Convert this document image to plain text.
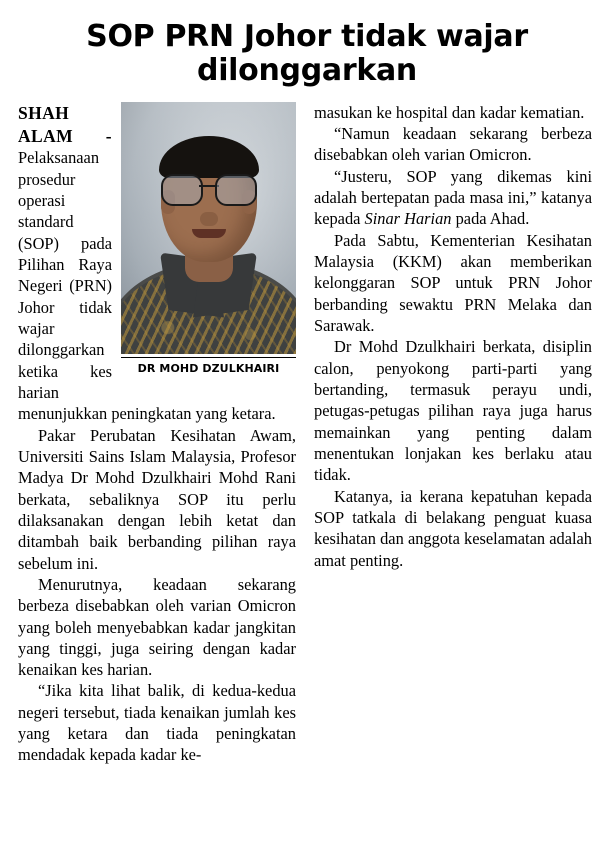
SOP PRN Johor tidak wajar dilonggarkan
DR MOHD DZULKHAIRI

SHAH ALAM - Pelaksanaan prosedur operasi standard (SOP) pada Pilihan Raya Negeri (PRN) Johor tidak wajar dilonggarkan ketika kes harian menunjukkan peningkatan yang ketara.

Pakar Perubatan Kesihatan Awam, Universiti Sains Islam Malaysia, Profesor Madya Dr Mohd Dzulkhairi Mohd Rani berkata, sebaliknya SOP itu perlu dilaksanakan dengan lebih ketat dan ditambah baik berbanding pilihan raya sebelum ini.

Menurutnya, keadaan sekarang berbeza disebabkan oleh varian Omicron yang boleh menyebabkan kadar jangkitan yang tinggi, juga seiring dengan kadar kenaikan kes harian.

“Jika kita lihat balik, di kedua-kedua negeri tersebut, tiada kenaikan jumlah kes yang ketara dan tiada peningkatan mendadak kepada kadar ke-

masukan ke hospital dan kadar kematian.

“Namun keadaan sekarang berbeza disebabkan oleh varian Omicron.

“Justeru, SOP yang dikemas kini adalah bertepatan pada masa ini,” katanya kepada Sinar Harian pada Ahad.

Pada Sabtu, Kementerian Kesihatan Malaysia (KKM) akan memberikan kelonggaran SOP untuk PRN Johor berbanding sewaktu PRN Melaka dan Sarawak.

Dr Mohd Dzulkhairi berkata, disiplin calon, penyokong parti-parti yang bertanding, termasuk perayu undi, petugas-petugas pilihan raya juga harus memainkan yang penting dalam menentukan lonjakan kes berlaku atau tidak.

Katanya, ia kerana kepatuhan kepada SOP tatkala di belakang penguat kuasa kesihatan dan anggota keselamatan adalah amat penting.
